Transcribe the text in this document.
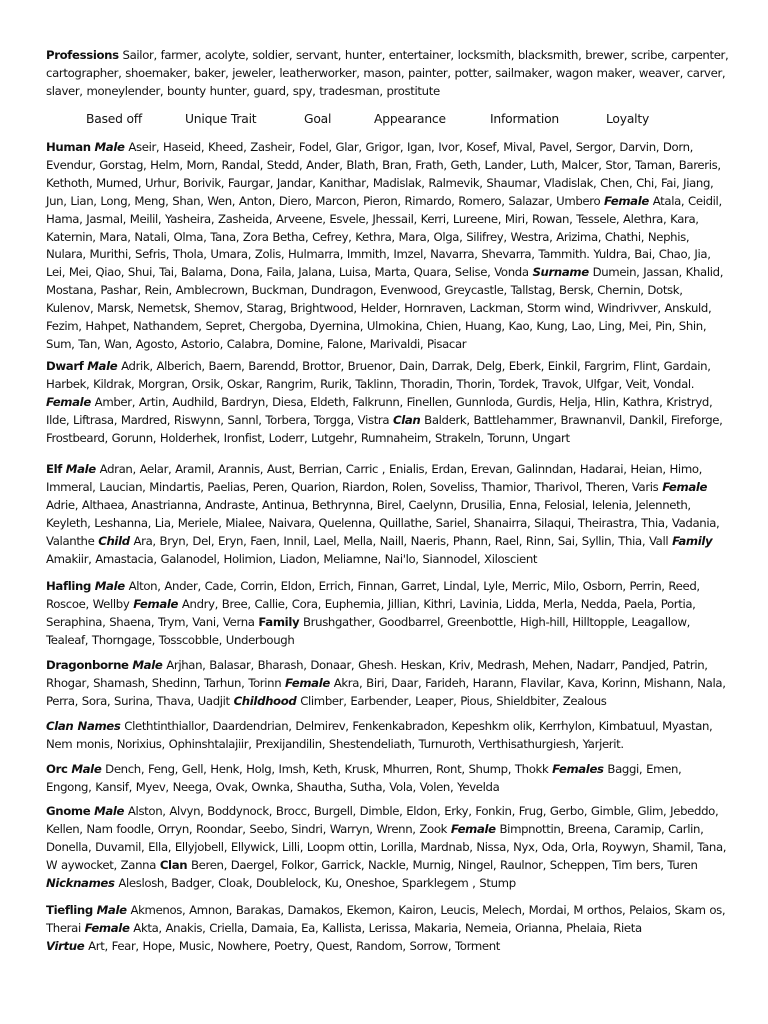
Professions Sailor, farmer, acolyte, soldier, servant, hunter, entertainer, locksmith, blacksmith, brewer, scribe, carpenter, cartographer, shoemaker, baker, jeweler, leatherworker, mason, painter, potter, sailmaker, wagon maker, weaver, carver, slaver, moneylender, bounty hunter, guard, spy, tradesman, prostitute
Based off	Unique Trait	Goal	Appearance	Information	Loyalty
Human Male Aseir, Haseid, Kheed, Zasheir, Fodel, Glar, Grigor, Igan, Ivor, Kosef, Mival, Pavel, Sergor, Darvin, Dorn, Evendur, Gorstag, Helm, Morn, Randal, Stedd, Ander, Blath, Bran, Frath, Geth, Lander, Luth, Malcer, Stor, Taman, Bareris, Kethoth, Mumed, Urhur, Borivik, Faurgar, Jandar, Kanithar, Madislak, Ralmevik, Shaumar, Vladislak, Chen, Chi, Fai, Jiang, Jun, Lian, Long, Meng, Shan, Wen, Anton, Diero, Marcon, Pieron, Rimardo, Romero, Salazar, Umbero Female Atala, Ceidil, Hama, Jasmal, Meilil, Yasheira, Zasheida, Arveene, Esvele, Jhessail, Kerri, Lureene, Miri, Rowan, Tessele, Alethra, Kara, Katernin, Mara, Natali, Olma, Tana, Zora Betha, Cefrey, Kethra, Mara, Olga, Silifrey, Westra, Arizima, Chathi, Nephis, Nulara, Murithi, Sefris, Thola, Umara, Zolis, Hulmarra, Immith, Imzel, Navarra, Shevarra, Tammith. Yuldra, Bai, Chao, Jia, Lei, Mei, Qiao, Shui, Tai, Balama, Dona, Faila, Jalana, Luisa, Marta, Quara, Selise, Vonda Surname Dumein, Jassan, Khalid, Mostana, Pashar, Rein, Amblecrown, Buckman, Dundragon, Evenwood, Greycastle, Tallstag, Bersk, Chernin, Dotsk, Kulenov, Marsk, Nemetsk, Shemov, Starag, Brightwood, Helder, Hornraven, Lackman, Storm wind, Windrivver, Anskuld, Fezim, Hahpet, Nathandem, Sepret, Chergoba, Dyernina, Ulmokina, Chien, Huang, Kao, Kung, Lao, Ling, Mei, Pin, Shin, Sum, Tan, Wan, Agosto, Astorio, Calabra, Domine, Falone, Marivaldi, Pisacar
Dwarf Male Adrik, Alberich, Baern, Barendd, Brottor, Bruenor, Dain, Darrak, Delg, Eberk, Einkil, Fargrim, Flint, Gardain, Harbek, Kildrak, Morgran, Orsik, Oskar, Rangrim, Rurik, Taklinn, Thoradin, Thorin, Tordek, Travok, Ulfgar, Veit, Vondal. Female Amber, Artin, Audhild, Bardryn, Diesa, Eldeth, Falkrunn, Finellen, Gunnloda, Gurdis, Helja, Hlin, Kathra, Kristryd, Ilde, Liftrasa, Mardred, Riswynn, Sannl, Torbera, Torgga, Vistra Clan Balderk, Battlehammer, Brawnanvil, Dankil, Fireforge, Frostbeard, Gorunn, Holderhek, Ironfist, Loderr, Lutgehr, Rumnaheim, Strakeln, Torunn, Ungart
Elf Male Adran, Aelar, Aramil, Arannis, Aust, Berrian, Carric , Enialis, Erdan, Erevan, Galinndan, Hadarai, Heian, Himo, Immeral, Laucian, Mindartis, Paelias, Peren, Quarion, Riardon, Rolen, Soveliss, Thamior, Tharivol, Theren, Varis Female Adrie, Althaea, Anastrianna, Andraste, Antinua, Bethrynna, Birel, Caelynn, Drusilia, Enna, Felosial, Ielenia, Jelenneth, Keyleth, Leshanna, Lia, Meriele, Mialee, Naivara, Quelenna, Quillathe, Sariel, Shanairra, Silaqui, Theirastra, Thia, Vadania, Valanthe Child Ara, Bryn, Del, Eryn, Faen, Innil, Lael, Mella, Naill, Naeris, Phann, Rael, Rinn, Sai, Syllin, Thia, Vall Family Amakiir, Amastacia, Galanodel, Holimion, Liadon, Meliamne, Nai'lo, Siannodel, Xiloscient
Hafling Male Alton, Ander, Cade, Corrin, Eldon, Errich, Finnan, Garret, Lindal, Lyle, Merric, Milo, Osborn, Perrin, Reed, Roscoe, Wellby Female Andry, Bree, Callie, Cora, Euphemia, Jillian, Kithri, Lavinia, Lidda, Merla, Nedda, Paela, Portia, Seraphina, Shaena, Trym, Vani, Verna Family Brushgather, Goodbarrel, Greenbottle, High-hill, Hilltopple, Leagallow, Tealeaf, Thorngage, Tosscobble, Underbough
Dragonborne Male Arjhan, Balasar, Bharash, Donaar, Ghesh. Heskan, Kriv, Medrash, Mehen, Nadarr, Pandjed, Patrin, Rhogar, Shamash, Shedinn, Tarhun, Torinn Female Akra, Biri, Daar, Farideh, Harann, Flavilar, Kava, Korinn, Mishann, Nala, Perra, Sora, Surina, Thava, Uadjit Childhood Climber, Earbender, Leaper, Pious, Shieldbiter, Zealous
Clan Names Clethtinthiallor, Daardendrian, Delmirev, Fenkenkabradon, Kepeshkm olik, Kerrhylon, Kimbatuul, Myastan, Nem monis, Norixius, Ophinshtalajiir, Prexijandilin, Shestendeliath, Turnuroth, Verthisathurgiesh, Yarjerit.
Orc Male Dench, Feng, Gell, Henk, Holg, Imsh, Keth, Krusk, Mhurren, Ront, Shump, Thokk Females Baggi, Emen, Engong, Kansif, Myev, Neega, Ovak, Ownka, Shautha, Sutha, Vola, Volen, Yevelda
Gnome Male Alston, Alvyn, Boddynock, Brocc, Burgell, Dimble, Eldon, Erky, Fonkin, Frug, Gerbo, Gimble, Glim, Jebeddo, Kellen, Nam foodle, Orryn, Roondar, Seebo, Sindri, Warryn, Wrenn, Zook Female Bimpnottin, Breena, Caramip, Carlin, Donella, Duvamil, Ella, Ellyjobell, Ellywick, Lilli, Loopm ottin, Lorilla, Mardnab, Nissa, Nyx, Oda, Orla, Roywyn, Shamil, Tana, W aywocket, Zanna Clan Beren, Daergel, Folkor, Garrick, Nackle, Murnig, Ningel, Raulnor, Scheppen, Tim bers, Turen Nicknames Aleslosh, Badger, Cloak, Doublelock, Ku, Oneshoe, Sparklegem , Stump
Tiefling Male Akmenos, Amnon, Barakas, Damakos, Ekemon, Kairon, Leucis, Melech, Mordai, M orthos, Pelaios, Skam os, Therai Female Akta, Anakis, Criella, Damaia, Ea, Kallista, Lerissa, Makaria, Nemeia, Orianna, Phelaia, Rieta
Virtue Art, Fear, Hope, Music, Nowhere, Poetry, Quest, Random, Sorrow, Torment
